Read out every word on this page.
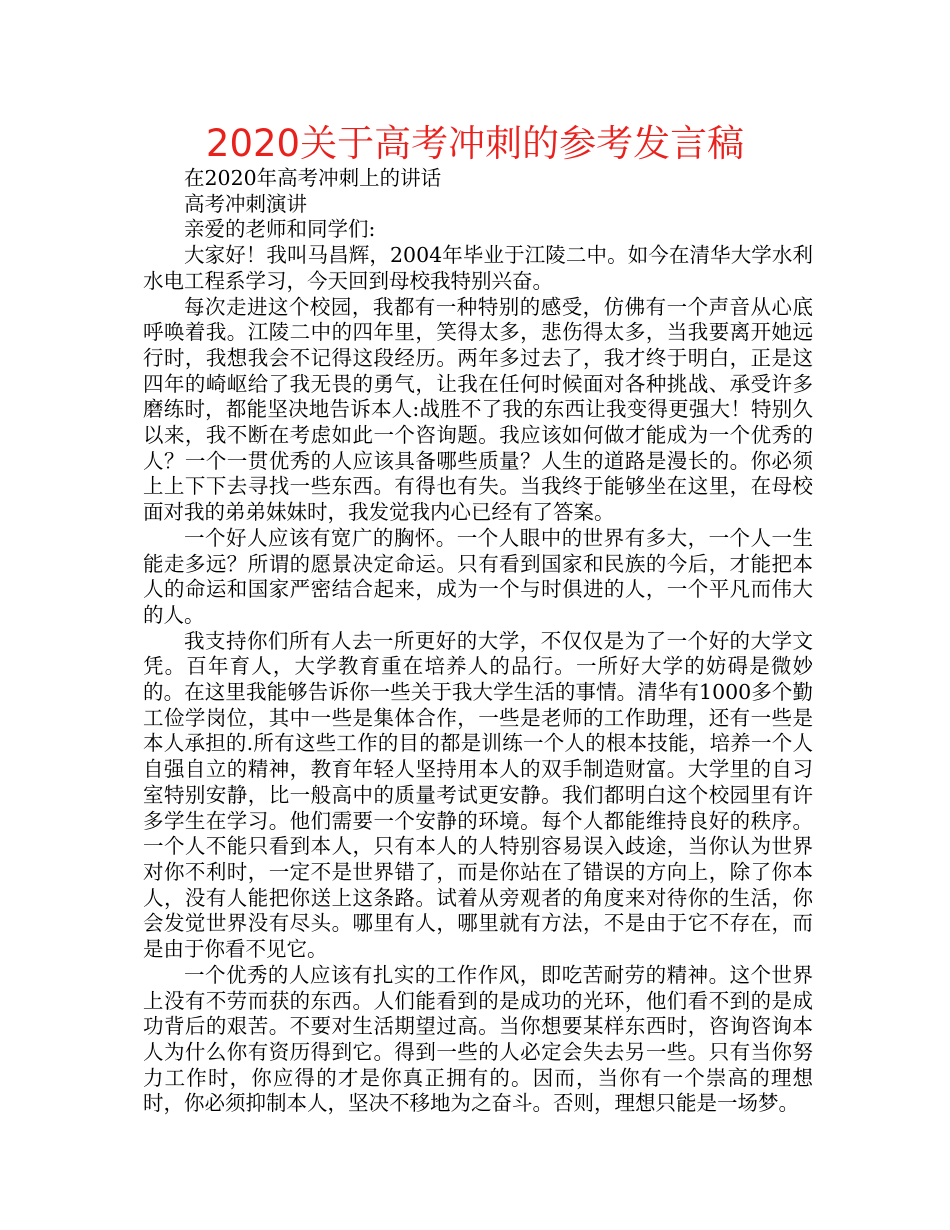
2020关于高考冲刺的参考发言稿

在2020年高考冲刺上的讲话

高考冲刺演讲

亲爱的老师和同学们:

大家好！我叫马昌辉，2004年毕业于江陵二中。如今在清华大学水利水电工程系学习，今天回到母校我特别兴奋。

每次走进这个校园，我都有一种特别的感受，仿佛有一个声音从心底呼唤着我。江陵二中的四年里，笑得太多，悲伤得太多，当我要离开她远行时，我想我会不记得这段经历。两年多过去了，我才终于明白，正是这四年的崎岖给了我无畏的勇气，让我在任何时候面对各种挑战、承受许多磨练时，都能坚决地告诉本人:战胜不了我的东西让我变得更强大！特别久以来，我不断在考虑如此一个咨询题。我应该如何做才能成为一个优秀的人？一个一贯优秀的人应该具备哪些质量？人生的道路是漫长的。你必须上上下下去寻找一些东西。有得也有失。当我终于能够坐在这里，在母校面对我的弟弟妹妹时，我发觉我内心已经有了答案。

一个好人应该有宽广的胸怀。一个人眼中的世界有多大，一个人一生能走多远？所谓的愿景决定命运。只有看到国家和民族的今后，才能把本人的命运和国家严密结合起来，成为一个与时俱进的人，一个平凡而伟大的人。

我支持你们所有人去一所更好的大学，不仅仅是为了一个好的大学文凭。百年育人，大学教育重在培养人的品行。一所好大学的妨碍是微妙的。在这里我能够告诉你一些关于我大学生活的事情。清华有1000多个勤工俭学岗位，其中一些是集体合作，一些是老师的工作助理，还有一些是本人承担的.所有这些工作的目的都是训练一个人的根本技能，培养一个人自强自立的精神，教育年轻人坚持用本人的双手制造财富。大学里的自习室特别安静，比一般高中的质量考试更安静。我们都明白这个校园里有许多学生在学习。他们需要一个安静的环境。每个人都能维持良好的秩序。一个人不能只看到本人，只有本人的人特别容易误入歧途，当你认为世界对你不利时，一定不是世界错了，而是你站在了错误的方向上，除了你本人，没有人能把你送上这条路。试着从旁观者的角度来对待你的生活，你会发觉世界没有尽头。哪里有人，哪里就有方法，不是由于它不存在，而是由于你看不见它。

一个优秀的人应该有扎实的工作作风，即吃苦耐劳的精神。这个世界上没有不劳而获的东西。人们能看到的是成功的光环，他们看不到的是成功背后的艰苦。不要对生活期望过高。当你想要某样东西时，咨询咨询本人为什么你有资历得到它。得到一些的人必定会失去另一些。只有当你努力工作时，你应得的才是你真正拥有的。因而，当你有一个崇高的理想时，你必须抑制本人，坚决不移地为之奋斗。否则，理想只能是一场梦。
